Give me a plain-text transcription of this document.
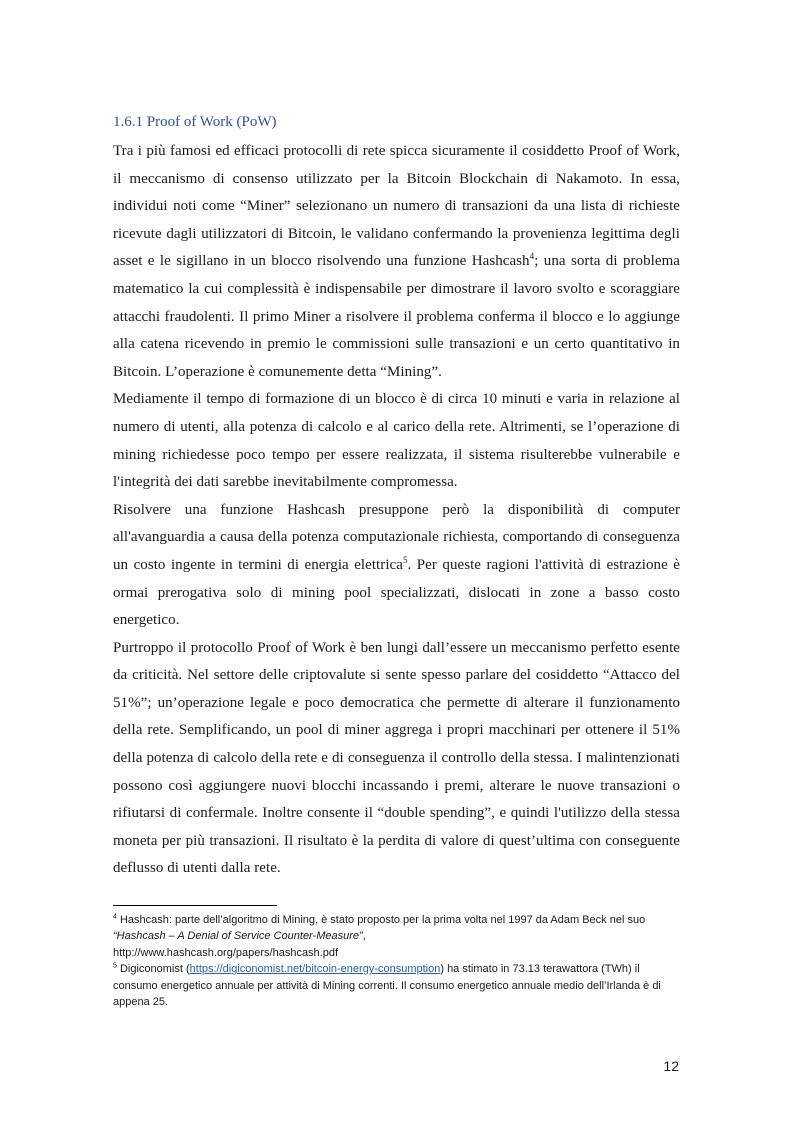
1.6.1 Proof of Work (PoW)

Tra i più famosi ed efficaci protocolli di rete spicca sicuramente il cosiddetto Proof of Work, il meccanismo di consenso utilizzato per la Bitcoin Blockchain di Nakamoto. In essa, individui noti come “Miner” selezionano un numero di transazioni da una lista di richieste ricevute dagli utilizzatori di Bitcoin, le validano confermando la provenienza legittima degli asset e le sigillano in un blocco risolvendo una funzione Hashcash$^4$; una sorta di problema matematico la cui complessità è indispensabile per dimostrare il lavoro svolto e scoraggiare attacchi fraudolenti. Il primo Miner a risolvere il problema conferma il blocco e lo aggiunge alla catena ricevendo in premio le commissioni sulle transazioni e un certo quantitativo in Bitcoin. L’operazione è comunemente detta “Mining”.

Mediamente il tempo di formazione di un blocco è di circa 10 minuti e varia in relazione al numero di utenti, alla potenza di calcolo e al carico della rete. Altrimenti, se l’operazione di mining richiedesse poco tempo per essere realizzata, il sistema risulterebbe vulnerabile e l'integrità dei dati sarebbe inevitabilmente compromessa.

Risolvere una funzione Hashcash presuppone però la disponibilità di computer all'avanguardia a causa della potenza computazionale richiesta, comportando di conseguenza un costo ingente in termini di energia elettrica$^5$. Per queste ragioni l'attività di estrazione è ormai prerogativa solo di mining pool specializzati, dislocati in zone a basso costo energetico.

Purtroppo il protocollo Proof of Work è ben lungi dall’essere un meccanismo perfetto esente da criticità. Nel settore delle criptovalute si sente spesso parlare del cosiddetto “Attacco del 51%”; un’operazione legale e poco democratica che permette di alterare il funzionamento della rete. Semplificando, un pool di miner aggrega i propri macchinari per ottenere il 51% della potenza di calcolo della rete e di conseguenza il controllo della stessa. I malintenzionati possono così aggiungere nuovi blocchi incassando i premi, alterare le nuove transazioni o rifiutarsi di confermale. Inoltre consente il “double spending”, e quindi l'utilizzo della stessa moneta per più transazioni. Il risultato è la perdita di valore di quest’ultima con conseguente deflusso di utenti dalla rete.

$^4$ Hashcash: parte dell’algoritmo di Mining, è stato proposto per la prima volta nel 1997 da Adam Beck nel suo “Hashcash – A Denial of Service Counter-Measure”,
http://www.hashcash.org/papers/hashcash.pdf

$^5$ Digiconomist (https://digiconomist.net/bitcoin-energy-consumption) ha stimato in 73.13 terawattora (TWh) il consumo energetico annuale per attività di Mining correnti. Il consumo energetico annuale medio dell’Irlanda è di appena 25.

12
